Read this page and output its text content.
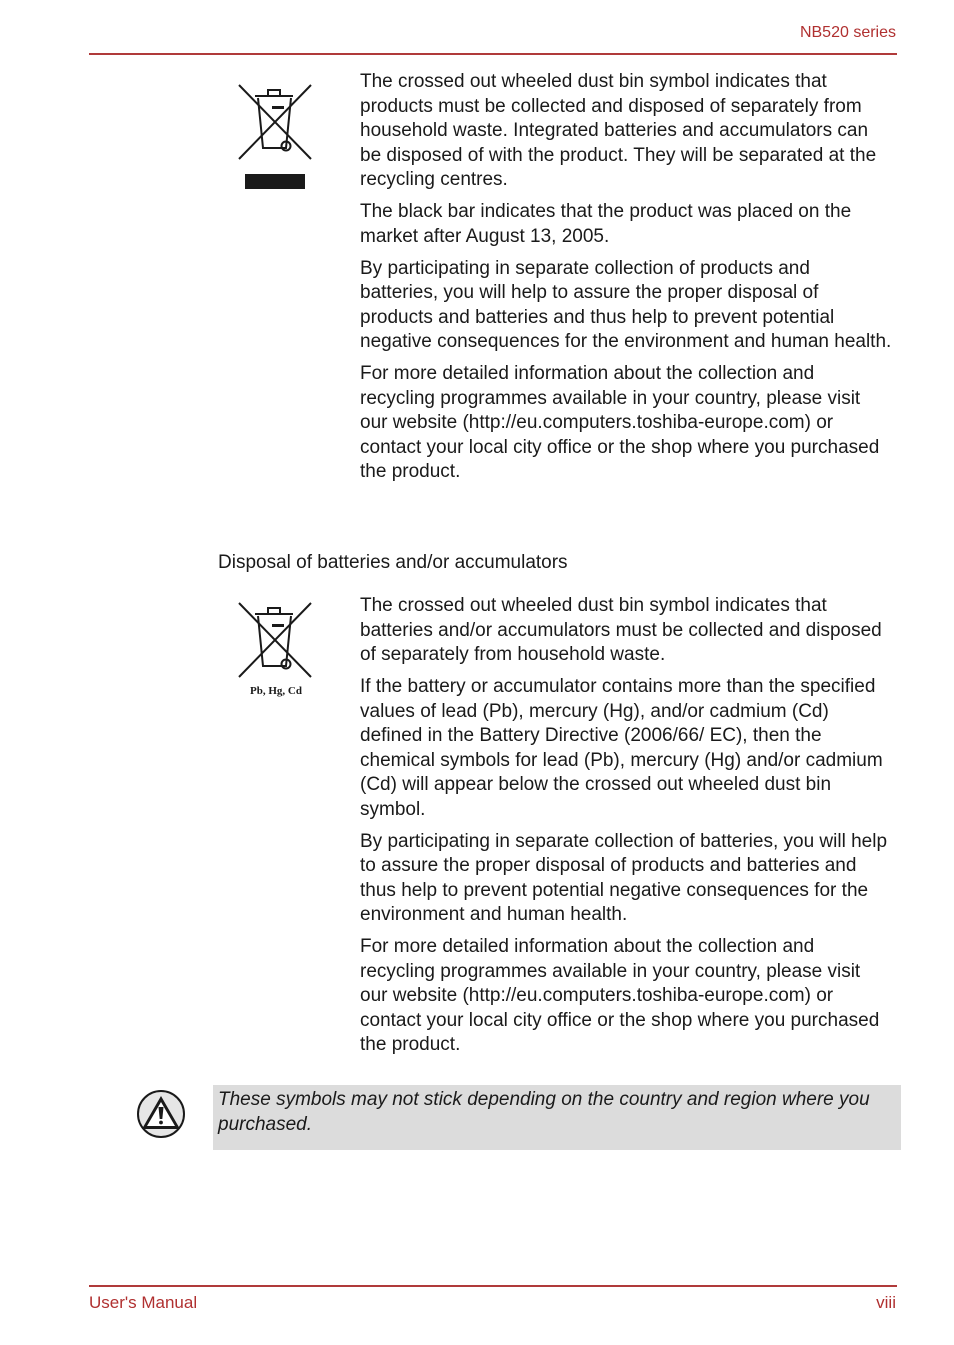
NB520 series

The crossed out wheeled dust bin symbol indicates that products must be collected and disposed of separately from household waste. Integrated batteries and accumulators can be disposed of with the product. They will be separated at the recycling centres.

The black bar indicates that the product was placed on the market after August 13, 2005.

By participating in separate collection of products and batteries, you will help to assure the proper disposal of products and batteries and thus help to prevent potential negative consequences for the environment and human health.

For more detailed information about the collection and recycling programmes available in your country, please visit our website (http://eu.computers.toshiba-europe.com) or contact your local city office or the shop where you purchased the product.

Disposal of batteries and/or accumulators
Pb, Hg, Cd

The crossed out wheeled dust bin symbol indicates that batteries and/or accumulators must be collected and disposed of separately from household waste.

If the battery or accumulator contains more than the specified values of lead (Pb), mercury (Hg), and/or cadmium (Cd) defined in the Battery Directive (2006/66/ EC), then the chemical symbols for lead (Pb), mercury (Hg) and/or cadmium (Cd) will appear below the crossed out wheeled dust bin symbol.

By participating in separate collection of batteries, you will help to assure the proper disposal of products and batteries and thus help to prevent potential negative consequences for the environment and human health.

For more detailed information about the collection and recycling programmes available in your country, please visit our website (http://eu.computers.toshiba-europe.com) or contact your local city office or the shop where you purchased the product.

These symbols may not stick depending on the country and region where you purchased.
User's Manual	viii
